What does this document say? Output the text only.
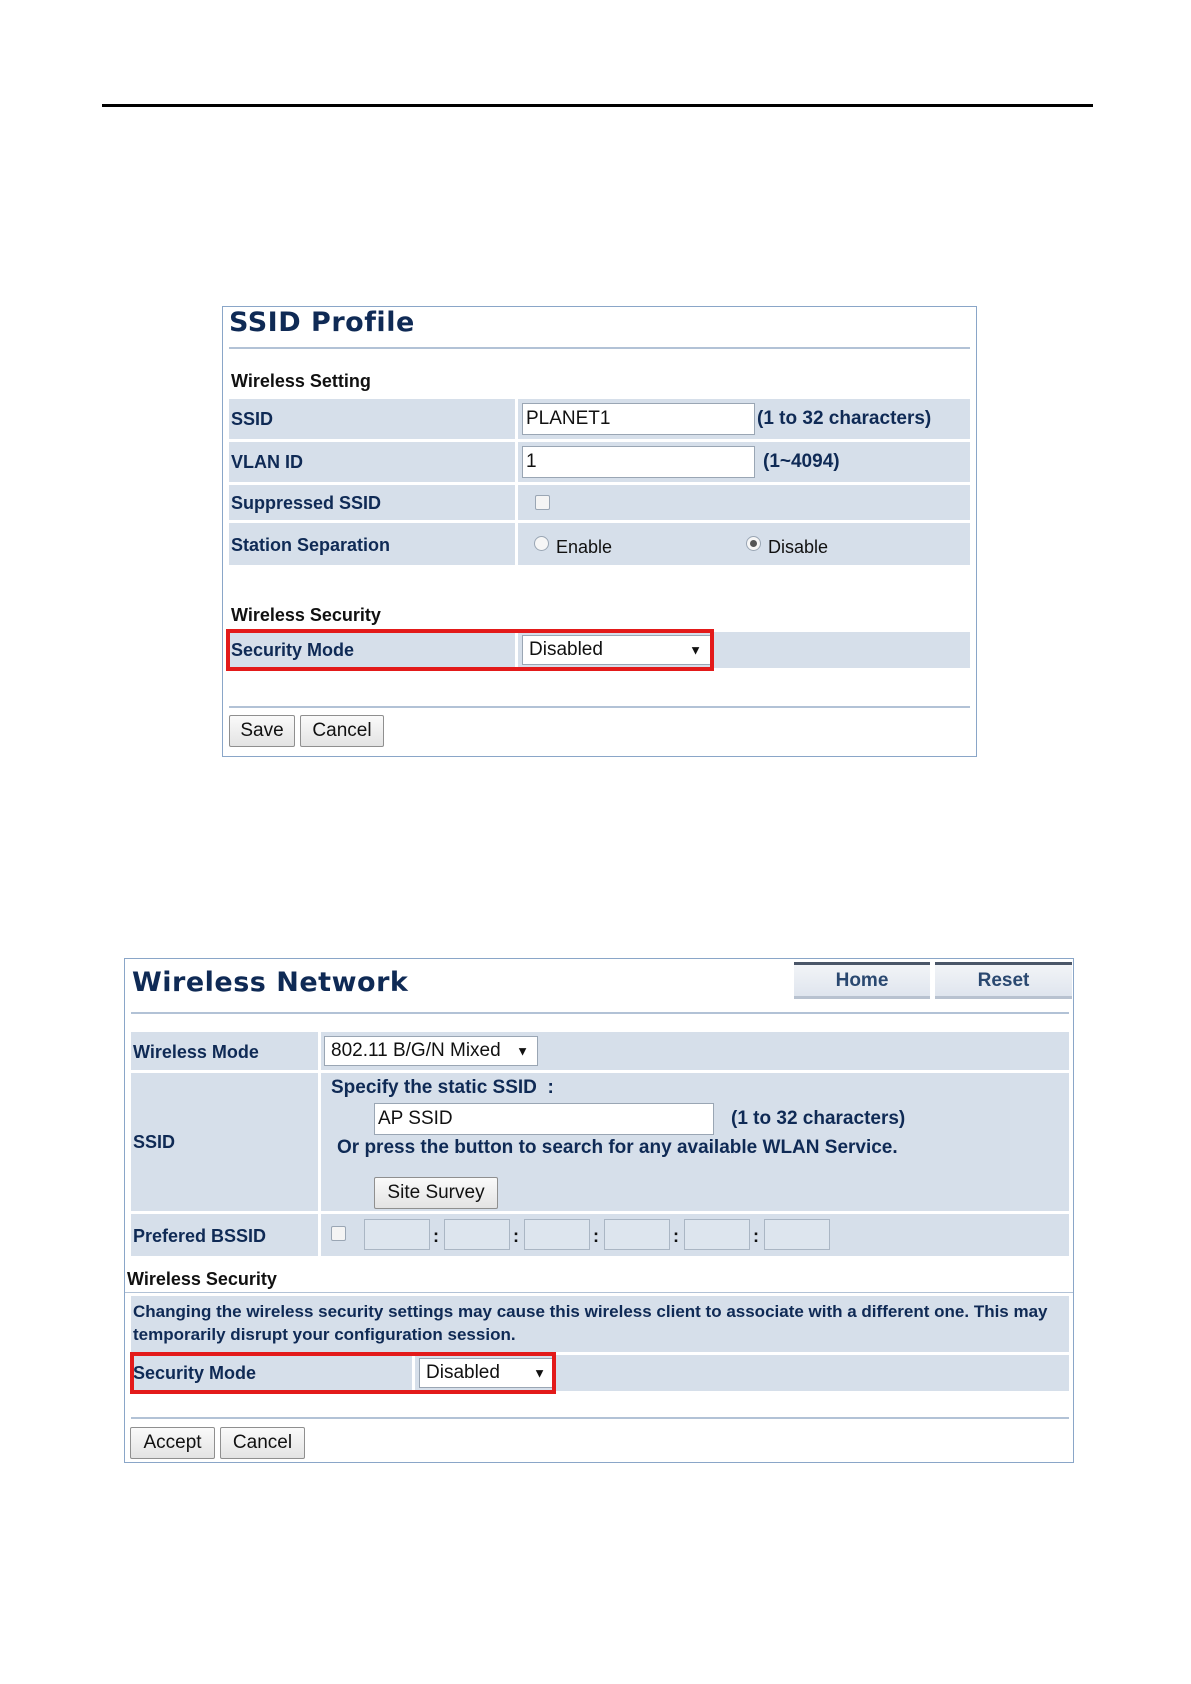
SSID Profile
Wireless Setting
SSID	PLANET1	(1 to 32 characters)
VLAN ID	1	(1~4094)
Suppressed SSID
Station Separation	Enable	Disable
Wireless Security
Security Mode	Disabled	▼
Save	Cancel
Wireless Network	Home	Reset
Wireless Mode	802.11 B/G/N Mixed ▼
SSID
Specify the static SSID  :
AP SSID	(1 to 32 characters)
Or press the button to search for any available WLAN Service.
Site Survey
Prefered BSSID	:	:	:	:	:
Wireless Security
Changing the wireless security settings may cause this wireless client to associate with a different one. This may temporarily disrupt your configuration session.
Security Mode	Disabled	▼
Accept	Cancel
